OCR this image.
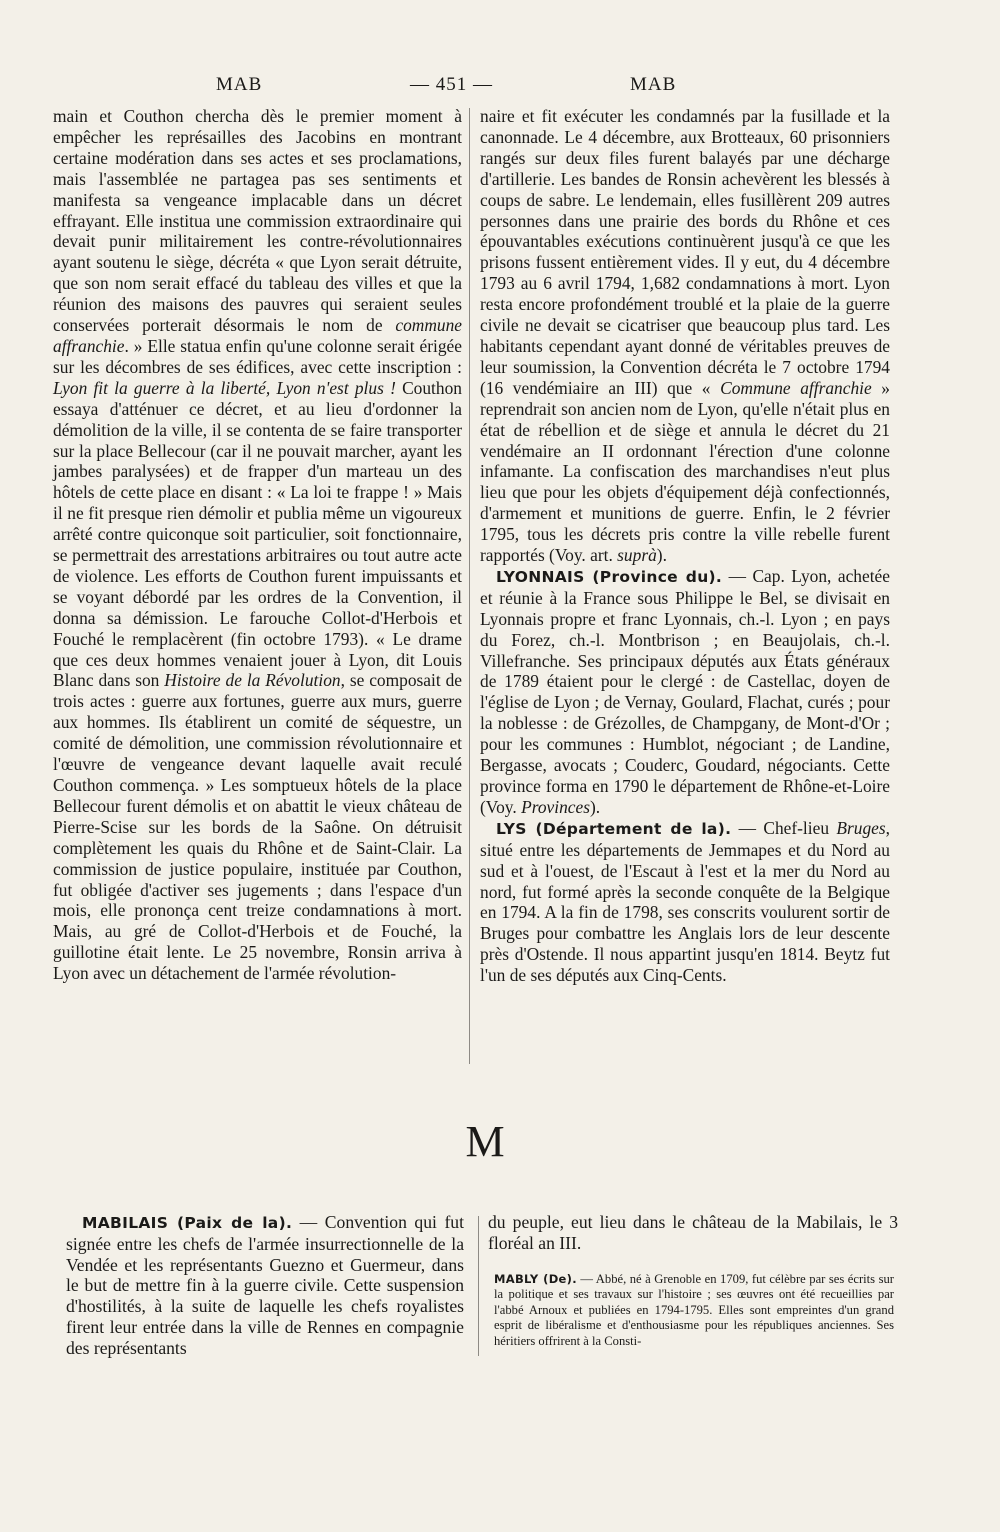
MAB	— 451 —	MAB

main et Couthon chercha dès le premier moment à empêcher les représailles des Jacobins en montrant certaine modération dans ses actes et ses proclamations, mais l'assemblée ne partagea pas ses sentiments et manifesta sa vengeance implacable dans un décret effrayant. Elle institua une commission extraordinaire qui devait punir militairement les contre-révolutionnaires ayant soutenu le siège, décréta « que Lyon serait détruite, que son nom serait effacé du tableau des villes et que la réunion des maisons des pauvres qui seraient seules conservées porterait désormais le nom de commune affranchie. » Elle statua enfin qu'une colonne serait érigée sur les décombres de ses édifices, avec cette inscription : Lyon fit la guerre à la liberté, Lyon n'est plus ! Couthon essaya d'atténuer ce décret, et au lieu d'ordonner la démolition de la ville, il se contenta de se faire transporter sur la place Bellecour (car il ne pouvait marcher, ayant les jambes paralysées) et de frapper d'un marteau un des hôtels de cette place en disant : « La loi te frappe ! » Mais il ne fit presque rien démolir et publia même un vigoureux arrêté contre quiconque soit particulier, soit fonctionnaire, se permettrait des arrestations arbitraires ou tout autre acte de violence. Les efforts de Couthon furent impuissants et se voyant débordé par les ordres de la Convention, il donna sa démission. Le farouche Collot-d'Herbois et Fouché le remplacèrent (fin octobre 1793). « Le drame que ces deux hommes venaient jouer à Lyon, dit Louis Blanc dans son Histoire de la Révolution, se composait de trois actes : guerre aux fortunes, guerre aux murs, guerre aux hommes. Ils établirent un comité de séquestre, un comité de démolition, une commission révolutionnaire et l'œuvre de vengeance devant laquelle avait reculé Couthon commença. » Les somptueux hôtels de la place Bellecour furent démolis et on abattit le vieux château de Pierre-Scise sur les bords de la Saône. On détruisit complètement les quais du Rhône et de Saint-Clair. La commission de justice populaire, instituée par Couthon, fut obligée d'activer ses jugements ; dans l'espace d'un mois, elle prononça cent treize condamnations à mort. Mais, au gré de Collot-d'Herbois et de Fouché, la guillotine était lente. Le 25 novembre, Ronsin arriva à Lyon avec un détachement de l'armée révolution-

naire et fit exécuter les condamnés par la fusillade et la canonnade. Le 4 décembre, aux Brotteaux, 60 prisonniers rangés sur deux files furent balayés par une décharge d'artillerie. Les bandes de Ronsin achevèrent les blessés à coups de sabre. Le lendemain, elles fusillèrent 209 autres personnes dans une prairie des bords du Rhône et ces épouvantables exécutions continuèrent jusqu'à ce que les prisons fussent entièrement vides. Il y eut, du 4 décembre 1793 au 6 avril 1794, 1,682 condamnations à mort. Lyon resta encore profondément troublé et la plaie de la guerre civile ne devait se cicatriser que beaucoup plus tard. Les habitants cependant ayant donné de véritables preuves de leur soumission, la Convention décréta le 7 octobre 1794 (16 vendémiaire an III) que « Commune affranchie » reprendrait son ancien nom de Lyon, qu'elle n'était plus en état de rébellion et de siège et annula le décret du 21 vendémaire an II ordonnant l'érection d'une colonne infamante. La confiscation des marchandises n'eut plus lieu que pour les objets d'équipement déjà confectionnés, d'armement et munitions de guerre. Enfin, le 2 février 1795, tous les décrets pris contre la ville rebelle furent rapportés (Voy. art. suprà).

LYONNAIS (Province du). — Cap. Lyon, achetée et réunie à la France sous Philippe le Bel, se divisait en Lyonnais propre et franc Lyonnais, ch.-l. Lyon ; en pays du Forez, ch.-l. Montbrison ; en Beaujolais, ch.-l. Villefranche. Ses principaux députés aux États généraux de 1789 étaient pour le clergé : de Castellac, doyen de l'église de Lyon ; de Vernay, Goulard, Flachat, curés ; pour la noblesse : de Grézolles, de Champgany, de Mont-d'Or ; pour les communes : Humblot, négociant ; de Landine, Bergasse, avocats ; Couderc, Goudard, négociants. Cette province forma en 1790 le département de Rhône-et-Loire (Voy. Provinces).

LYS (Département de la). — Chef-lieu Bruges, situé entre les départements de Jemmapes et du Nord au sud et à l'ouest, de l'Escaut à l'est et la mer du Nord au nord, fut formé après la seconde conquête de la Belgique en 1794. A la fin de 1798, ses conscrits voulurent sortir de Bruges pour combattre les Anglais lors de leur descente près d'Ostende. Il nous appartint jusqu'en 1814. Beytz fut l'un de ses députés aux Cinq-Cents.

M

MABILAIS (Paix de la). — Convention qui fut signée entre les chefs de l'armée insurrectionnelle de la Vendée et les représentants Guezno et Guermeur, dans le but de mettre fin à la guerre civile. Cette suspension d'hostilités, à la suite de laquelle les chefs royalistes firent leur entrée dans la ville de Rennes en compagnie des représentants

du peuple, eut lieu dans le château de la Mabilais, le 3 floréal an III.

MABLY (De). — Abbé, né à Grenoble en 1709, fut célèbre par ses écrits sur la politique et ses travaux sur l'histoire ; ses œuvres ont été recueillies par l'abbé Arnoux et publiées en 1794-1795. Elles sont empreintes d'un grand esprit de libéralisme et d'enthousiasme pour les républiques anciennes. Ses héritiers offrirent à la Consti-
